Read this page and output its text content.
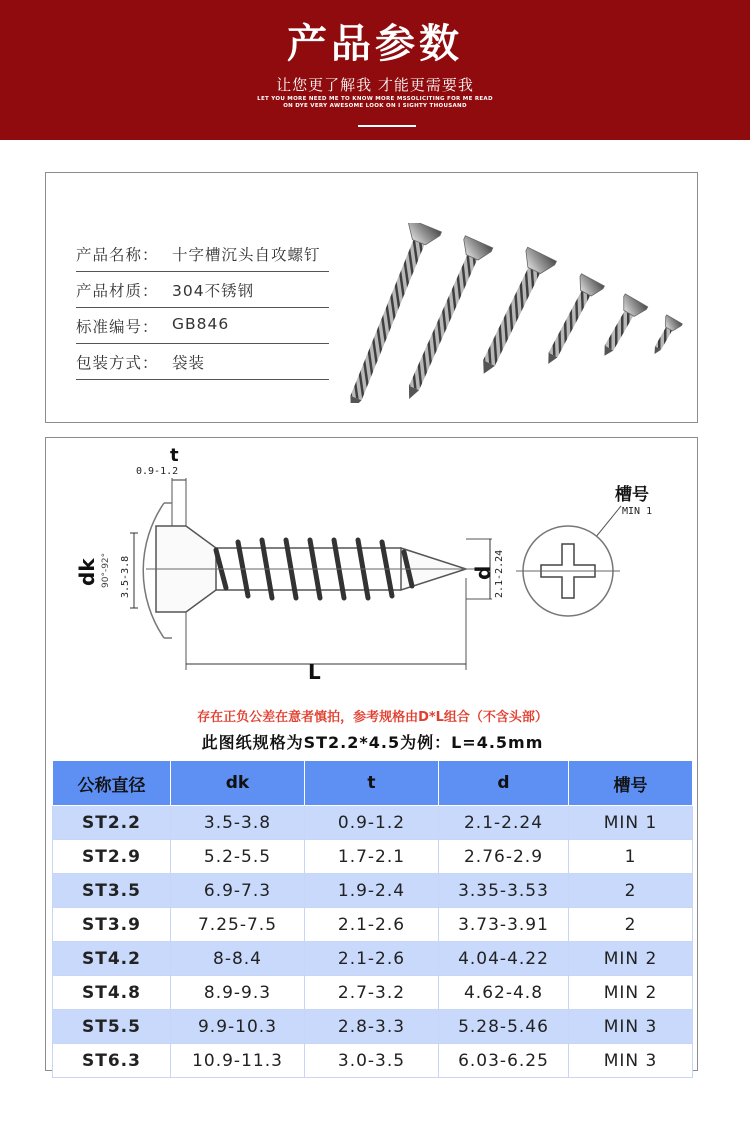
产品参数
让您更了解我 才能更需要我
LET YOU MORE NEED ME TO KNOW MORE MSSOLICITING FOR ME READ
ON DYE VERY AWESOME LOOK ON I SIGHTY THOUSAND
产品名称： 十字槽沉头自攻螺钉
产品材质： 304不锈钢
标准编号： GB846
包装方式： 袋装
t
0.9-1.2
dk 90°-92° 3.5-3.8	d 2.1-2.24
L
槽号
MIN 1
存在正负公差在意者慎拍，参考规格由D*L组合（不含头部）
此图纸规格为ST2.2*4.5为例：L=4.5mm
公称直径	dk	t	d	槽号
ST2.2	3.5-3.8	0.9-1.2	2.1-2.24	MIN 1
ST2.9	5.2-5.5	1.7-2.1	2.76-2.9	1
ST3.5	6.9-7.3	1.9-2.4	3.35-3.53	2
ST3.9	7.25-7.5	2.1-2.6	3.73-3.91	2
ST4.2	8-8.4	2.1-2.6	4.04-4.22	MIN 2
ST4.8	8.9-9.3	2.7-3.2	4.62-4.8	MIN 2
ST5.5	9.9-10.3	2.8-3.3	5.28-5.46	MIN 3
ST6.3	10.9-11.3	3.0-3.5	6.03-6.25	MIN 3
